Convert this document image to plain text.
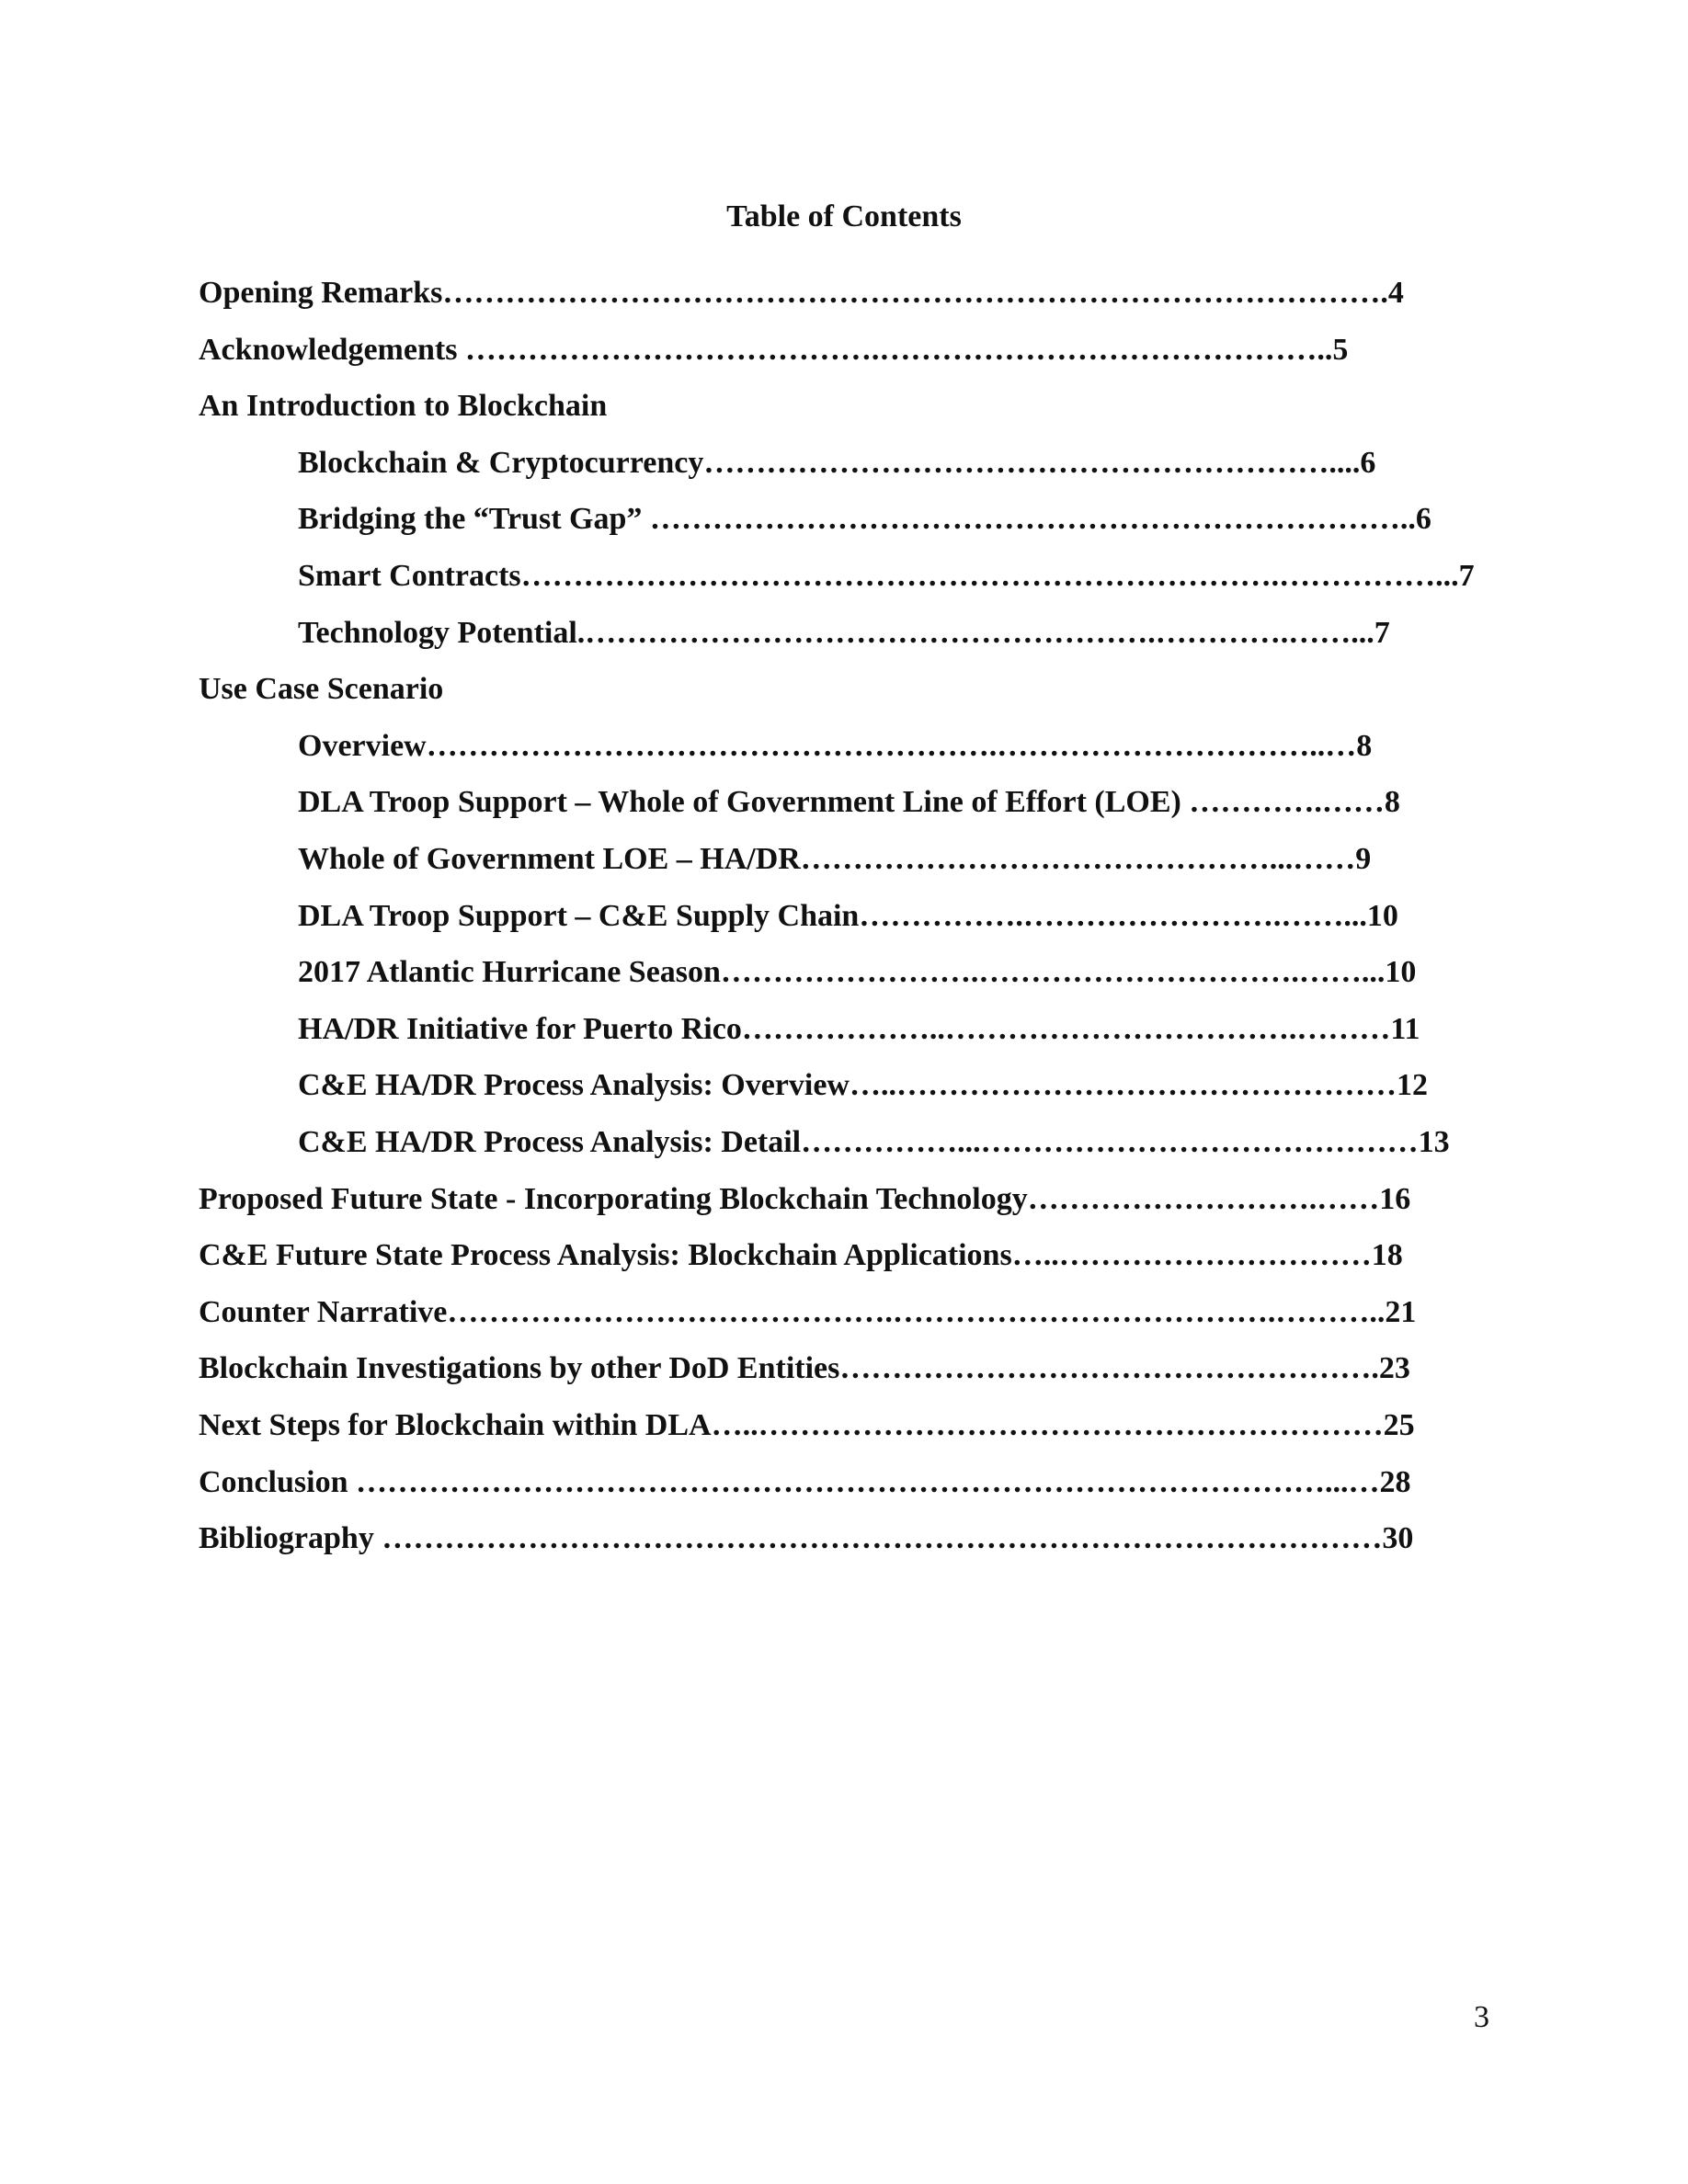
Table of Contents
Opening Remarks……………………………………………………………………………….4
Acknowledgements ………………………………….……………………………………..5
An Introduction to Blockchain
Blockchain & Cryptocurrency……………………………………………………....6
Bridging the “Trust Gap” ………………………………………………………………..6
Smart Contracts……………………………………………………………….……………...7
Technology Potential.……………………………………………….………….……...7
Use Case Scenario
Overview……………………………………………….…………………………..…8
DLA Troop Support – Whole of Government Line of Effort (LOE) ………….……8
Whole of Government LOE – HA/DR………………………………………...……9
DLA Troop Support – C&E Supply Chain…………….…………………….……...10
2017 Atlantic Hurricane Season…………………….………………………….……...10
HA/DR Initiative for Puerto Rico………………..…………………………….………11
C&E HA/DR Process Analysis: Overview…..…………………………………………12
C&E HA/DR Process Analysis: Detail……………...……………………………………13
Proposed Future State - Incorporating Blockchain Technology……………………….……16
C&E Future State Process Analysis: Blockchain Applications…..…………………………18
Counter Narrative…………………………………….……………………………….………..21
Blockchain Investigations by other DoD Entities…………………………………………….23
Next Steps for Blockchain within DLA…..……………………………………………………25
Conclusion …………………………………………………………………………………...…28
Bibliography ……………………………………………………………………………………30
3
